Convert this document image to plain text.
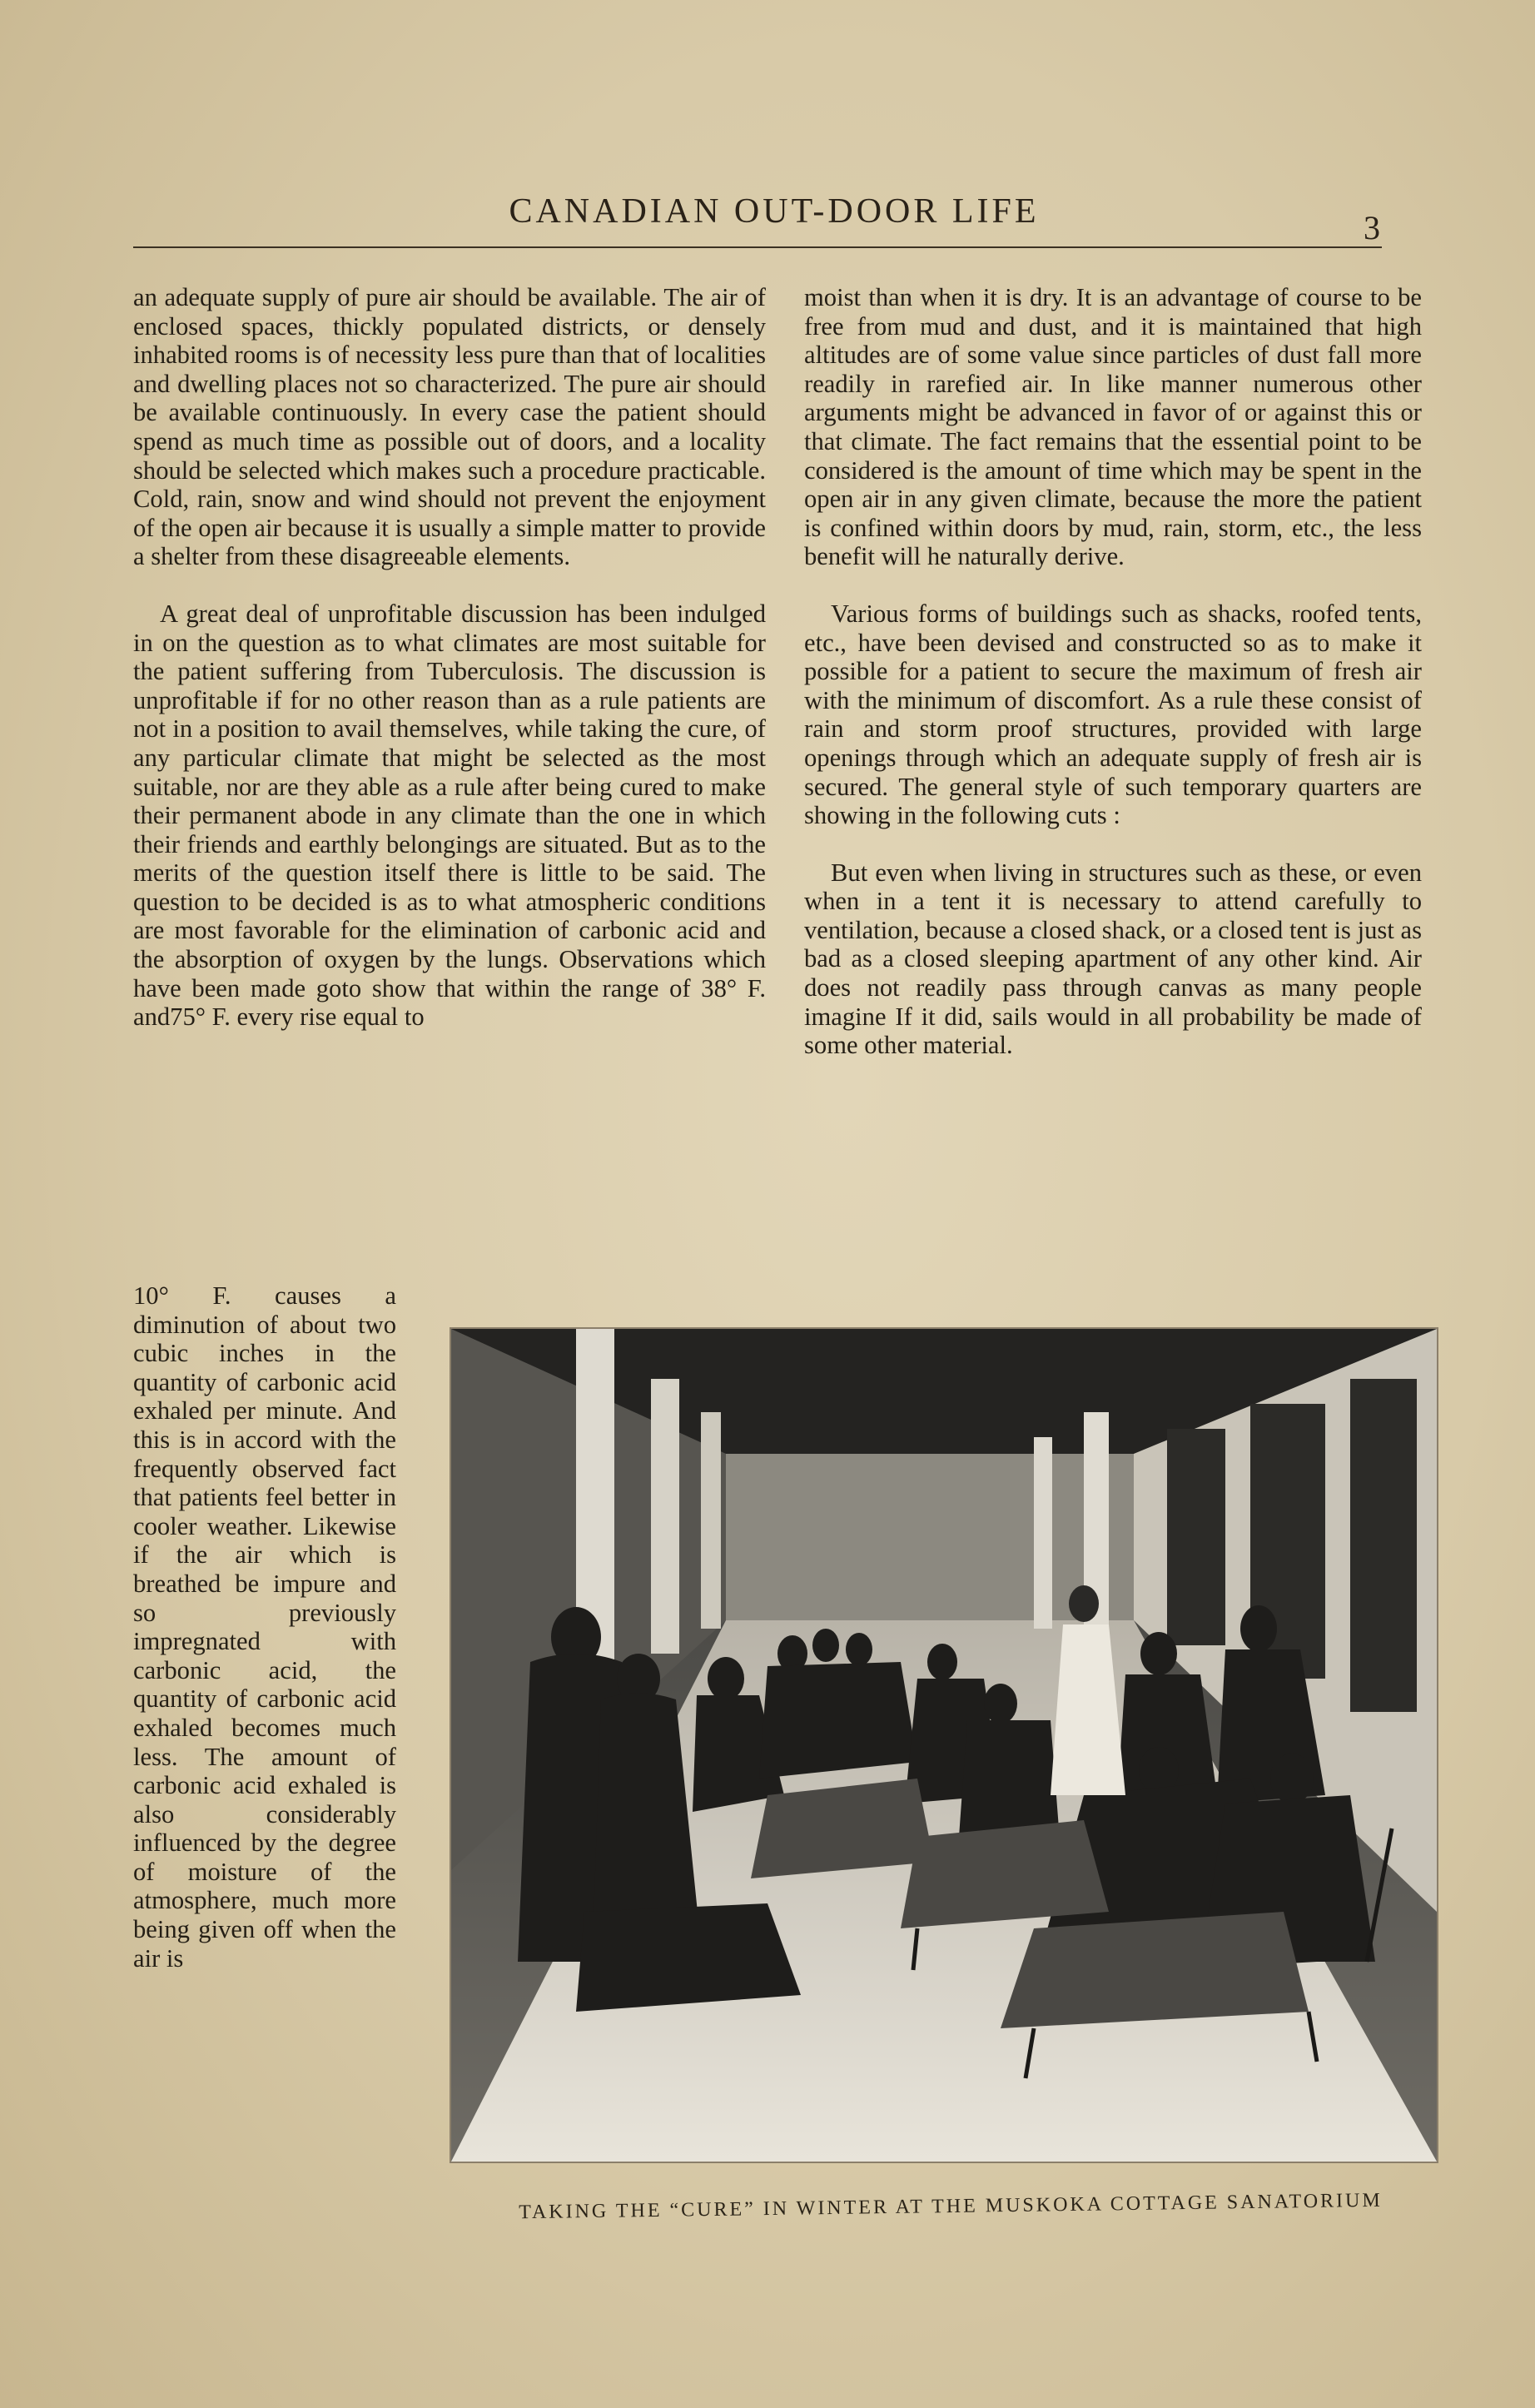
CANADIAN OUT-DOOR LIFE	3

an adequate supply of pure air should be available. The air of enclosed spaces, thickly populated districts, or densely inhabited rooms is of necessity less pure than that of localities and dwelling places not so characterized. The pure air should be available continuously. In every case the patient should spend as much time as possible out of doors, and a locality should be selected which makes such a procedure practicable. Cold, rain, snow and wind should not prevent the enjoyment of the open air because it is usually a simple matter to provide a shelter from these disagreeable elements.

A great deal of unprofitable discussion has been indulged in on the question as to what climates are most suitable for the patient suffering from Tuberculosis. The discussion is unprofitable if for no other reason than as a rule patients are not in a position to avail themselves, while taking the cure, of any particular climate that might be selected as the most suitable, nor are they able as a rule after being cured to make their permanent abode in any climate than the one in which their friends and earthly belongings are situated. But as to the merits of the question itself there is little to be said. The question to be decided is as to what atmospheric conditions are most favorable for the elimination of carbonic acid and the absorption of oxygen by the lungs. Observations which have been made goto show that within the range of 38° F. and75° F. every rise equal to

10° F. causes a diminution of about two cubic inches in the quantity of carbonic acid exhaled per minute. And this is in accord with the frequently observed fact that patients feel better in cooler weather. Likewise if the air which is breathed be impure and so previously impregnated with carbonic acid, the quantity of carbonic acid exhaled becomes much less. The amount of carbonic acid exhaled is also considerably influenced by the degree of moisture of the atmosphere, much more being given off when the air is

moist than when it is dry. It is an advantage of course to be free from mud and dust, and it is maintained that high altitudes are of some value since particles of dust fall more readily in rarefied air. In like manner numerous other arguments might be advanced in favor of or against this or that climate. The fact remains that the essential point to be considered is the amount of time which may be spent in the open air in any given climate, because the more the patient is confined within doors by mud, rain, storm, etc., the less benefit will he naturally derive.

Various forms of buildings such as shacks, roofed tents, etc., have been devised and constructed so as to make it possible for a patient to secure the maximum of fresh air with the minimum of discomfort. As a rule these consist of rain and storm proof structures, provided with large openings through which an adequate supply of fresh air is secured. The general style of such temporary quarters are showing in the following cuts :

But even when living in structures such as these, or even when in a tent it is necessary to attend carefully to ventilation, because a closed shack, or a closed tent is just as bad as a closed sleeping apartment of any other kind. Air does not readily pass through canvas as many people imagine If it did, sails would in all probability be made of some other material.

TAKING THE “CURE” IN WINTER AT THE MUSKOKA COTTAGE SANATORIUM
